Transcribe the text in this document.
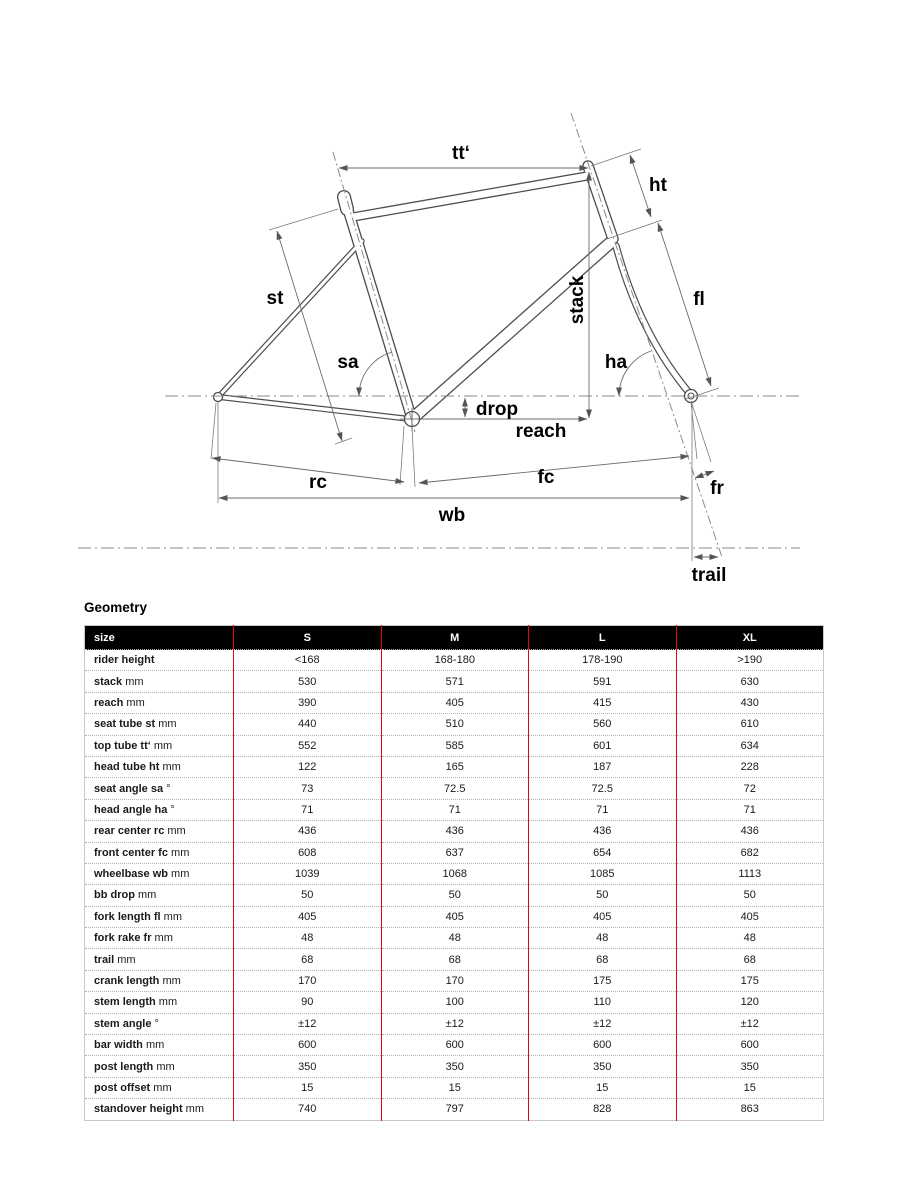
tt‘
ht
st	stack	fl
sa	ha
drop
reach
rc	fc
wb
fr
trail
Geometry
size	S	M	L	XL
rider height	<168	168-180	178-190	>190
stack mm	530	571	591	630
reach mm	390	405	415	430
seat tube st mm	440	510	560	610
top tube tt‘ mm	552	585	601	634
head tube ht mm	122	165	187	228
seat angle sa °	73	72.5	72.5	72
head angle ha °	71	71	71	71
rear center rc mm	436	436	436	436
front center fc mm	608	637	654	682
wheelbase wb mm	1039	1068	1085	1113
bb drop mm	50	50	50	50
fork length fl mm	405	405	405	405
fork rake fr mm	48	48	48	48
trail mm	68	68	68	68
crank length mm	170	170	175	175
stem length mm	90	100	110	120
stem angle °	±12	±12	±12	±12
bar width mm	600	600	600	600
post length mm	350	350	350	350
post offset mm	15	15	15	15
standover height mm	740	797	828	863
